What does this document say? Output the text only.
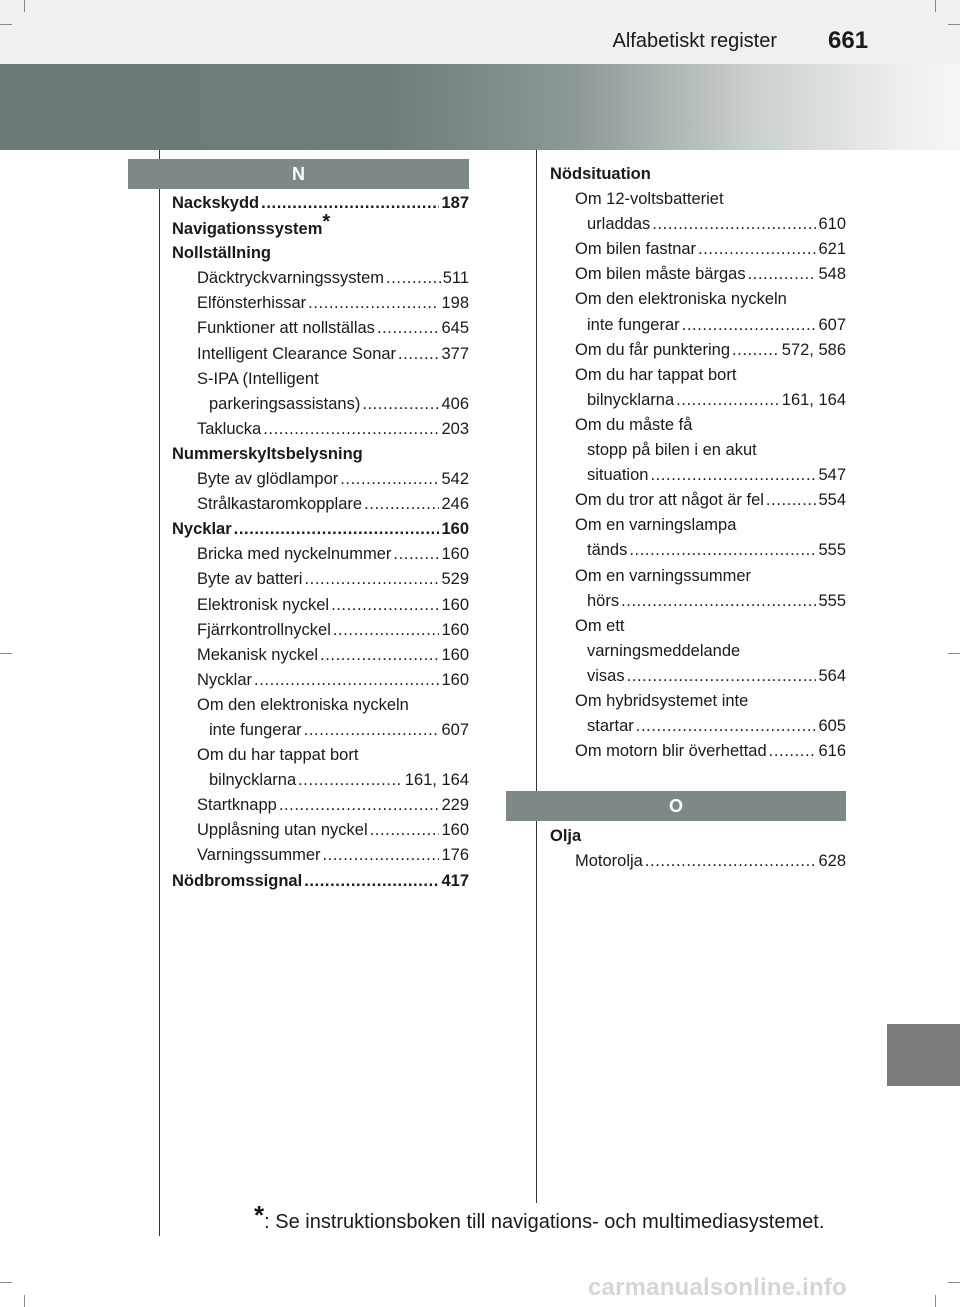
Alfabetiskt register 661
N
O
Nackskydd .....	187
Navigationssystem *
Nollställning
Däcktryckvarningssystem .....	511
Elfönsterhissar .....	198
Funktioner att nollställas .....	645
Intelligent Clearance Sonar .....	377
S-IPA (Intelligent
parkeringsassistans) .....	406
Taklucka .....	203
Nummerskyltsbelysning
Byte av glödlampor .....	542
Strålkastaromkopplare .....	246
Nycklar .....	160
Bricka med nyckelnummer .....	160
Byte av batteri .....	529
Elektronisk nyckel .....	160
Fjärrkontrollnyckel .....	160
Mekanisk nyckel .....	160
Nycklar .....	160
Om den elektroniska nyckeln
inte fungerar .....	607
Om du har tappat bort
bilnycklarna .....	161, 164
Startknapp .....	229
Upplåsning utan nyckel .....	160
Varningssummer .....	176
Nödbromssignal .....	417
Nödsituation
Om 12-voltsbatteriet
urladdas .....	610
Om bilen fastnar .....	621
Om bilen måste bärgas .....	548
Om den elektroniska nyckeln
inte fungerar .....	607
Om du får punktering .....	572, 586
Om du har tappat bort
bilnycklarna .....	161, 164
Om du måste få
stopp på bilen i en akut
situation .....	547
Om du tror att något är fel .....	554
Om en varningslampa
tänds .....	555
Om en varningssummer
hörs .....	555
Om ett
varningsmeddelande
visas .....	564
Om hybridsystemet inte
startar .....	605
Om motorn blir överhettad .....	616
Olja
Motorolja .....	628
*: Se instruktionsboken till navigations- och multimediasystemet.
carmanualsonline.info
